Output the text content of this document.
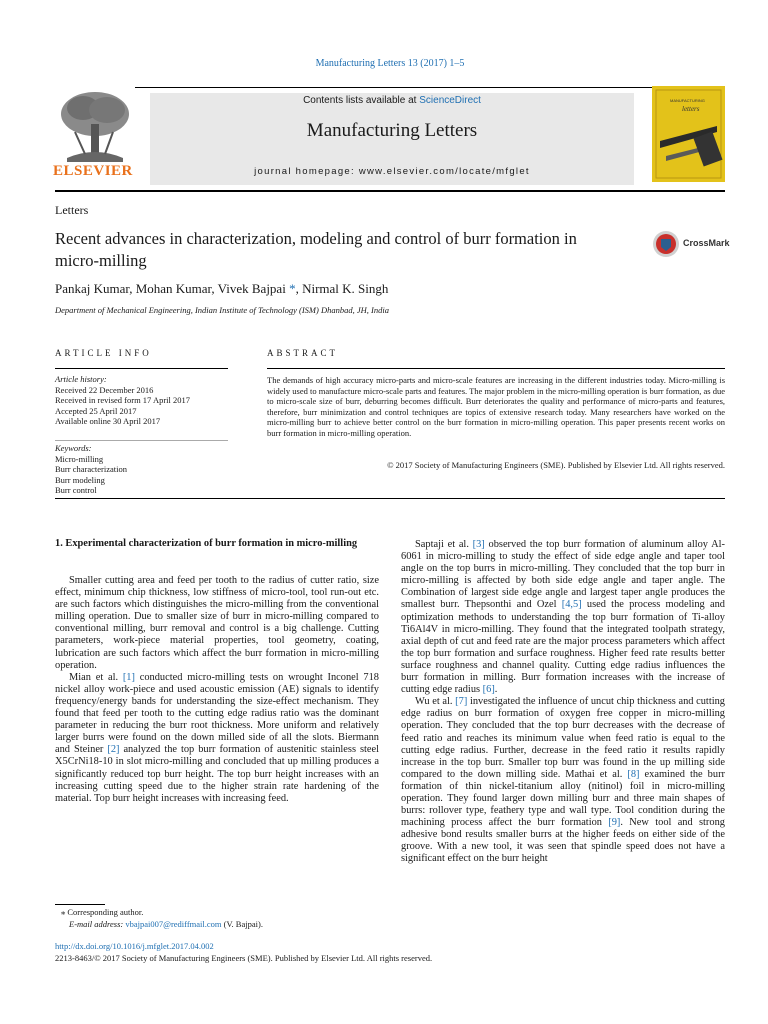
Manufacturing Letters 13 (2017) 1–5
ELSEVIER
Contents lists available at ScienceDirect
Manufacturing Letters
journal homepage: www.elsevier.com/locate/mfglet
MANUFACTURING
letters
Letters
Recent advances in characterization, modeling and control of burr formation in micro-milling
CrossMark
Pankaj Kumar, Mohan Kumar, Vivek Bajpai *, Nirmal K. Singh
Department of Mechanical Engineering, Indian Institute of Technology (ISM) Dhanbad, JH, India
ARTICLE INFO	ABSTRACT
Article history:
Received 22 December 2016
Received in revised form 17 April 2017
Accepted 25 April 2017
Available online 30 April 2017
Keywords:
Micro-milling
Burr characterization
Burr modeling
Burr control
The demands of high accuracy micro-parts and micro-scale features are increasing in the different industries today. Micro-milling is widely used to manufacture micro-scale parts and features. The major problem in the micro-milling operation is burr formation, as due to micro-scale size of burr, deburring becomes difficult. Burr deteriorates the quality and performance of micro-parts and features, therefore, burr minimization and control techniques are topics of extensive research today. Many researchers have worked on the micro-milling burr to achieve better control on the burr formation in micro-milling operation. This paper presents recent works on burr formation in micro-milling operation.
© 2017 Society of Manufacturing Engineers (SME). Published by Elsevier Ltd. All rights reserved.
1. Experimental characterization of burr formation in micro-milling

Smaller cutting area and feed per tooth to the radius of cutter ratio, size effect, minimum chip thickness, low stiffness of micro-tool, tool run-out etc. are such factors which distinguishes the micro-milling from the conventional milling operation. Due to smaller size of burr in micro-milling compared to conventional milling, burr removal and control is a big challenge. Cutting parameters, work-piece material properties, tool geometry, coating, lubrication are such factors which affect the burr formation in micro-milling operation.

Mian et al. [1] conducted micro-milling tests on wrought Inconel 718 nickel alloy work-piece and used acoustic emission (AE) signals to identify frequency/energy bands for understanding the size-effect mechanism. They found that feed per tooth to the cutting edge radius ratio was the dominant parameter in reducing the burr root thickness. More uniform and relatively larger burrs were found on the down milled side of all the slots. Biermann and Steiner [2] analyzed the top burr formation of austenitic stainless steel X5CrNi18-10 in slot micro-milling and concluded that up milling produces a significantly reduced top burr height. The top burr height increases with an increasing cutting speed due to the higher strain rate hardening of the material. Top burr height increases with increasing feed.

Saptaji et al. [3] observed the top burr formation of aluminum alloy Al-6061 in micro-milling to study the effect of side edge angle and taper tool angle on the top burrs in micro-milling. They concluded that the top burr in micro-milling is affected by both side edge angle and taper angle. The Combination of largest side edge angle and largest taper angle produces the smallest burr. Thepsonthi and Ozel [4,5] used the process modeling and optimization methods to understanding the top burr formation of Ti-alloy Ti6Al4V in micro-milling. They found that the integrated toolpath strategy, axial depth of cut and feed rate are the major process parameters which affect the top burr formation and surface roughness. Higher feed rate results better surface roughness and channel quality. Cutting edge radius influences the burr formation in milling. Burr formation increases with the increase of cutting edge radius [6].

Wu et al. [7] investigated the influence of uncut chip thickness and cutting edge radius on burr formation of oxygen free copper in micro-milling operation. They concluded that the top burr decreases with the decrease of feed ratio and reaches its minimum value when feed ratio is equal to the cutting edge radius. Further, decrease in the feed ratio it results rapidly increase in the top burr. Smaller top burr was found in the up milling side compared to the down milling side. Mathai et al. [8] examined the burr formation of thin nickel-titanium alloy (nitinol) foil in micro-milling operation. They found larger down milling burr and three main shapes of burrs: rollover type, feathery type and wall type. Tool condition during the machining process affect the burr formation [9]. New tool and strong adhesive bond results smaller burrs at the higher feeds on either side of the groove. With a new tool, it was seen that spindle speed does not have a significant effect on the burr height

⁎ Corresponding author.
E-mail address: vbajpai007@rediffmail.com (V. Bajpai).
http://dx.doi.org/10.1016/j.mfglet.2017.04.002
2213-8463/© 2017 Society of Manufacturing Engineers (SME). Published by Elsevier Ltd. All rights reserved.
